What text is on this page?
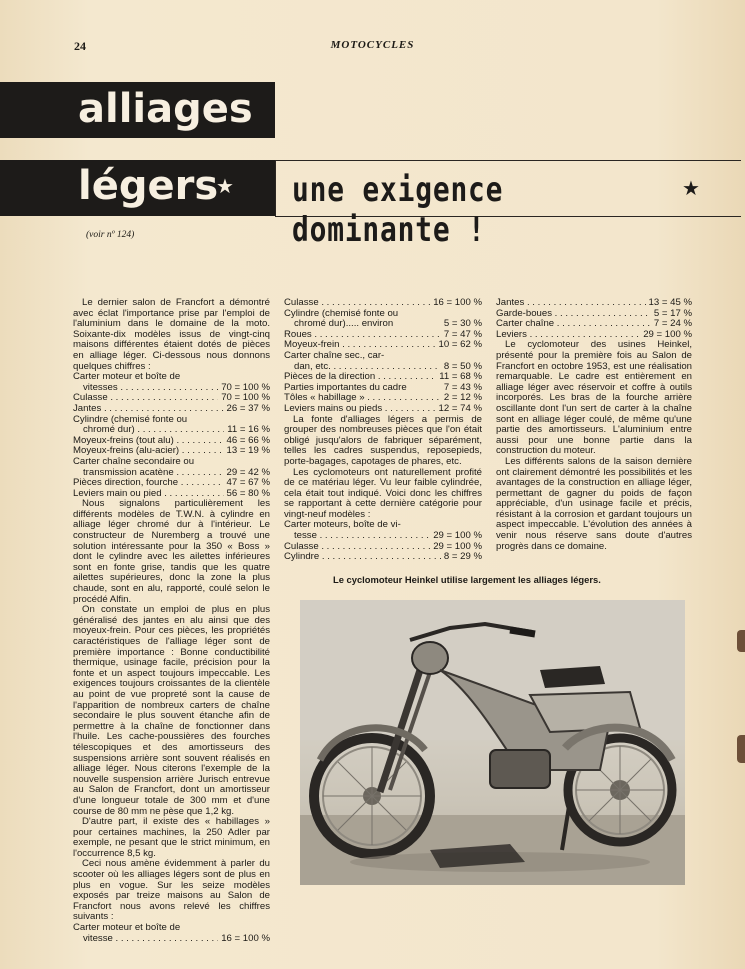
24	MOTOCYCLES
alliages
légers
★ une exigence dominante !
★
(voir nº 124)

Le dernier salon de Francfort a démontré avec éclat l'importance prise par l'emploi de l'aluminium dans le domaine de la moto. Soixante-dix modèles issus de vingt-cinq maisons différentes étaient dotés de pièces en alliage léger. Ci-dessous nous donnons quelques chiffres :

Carter moteur et boîte de
vitesses . . .	70 = 100 %
Culasse . . .	70 = 100 %
Jantes . . .	26 = 37 %
Cylindre (chemisé fonte ou
chromé dur) . . .	11 = 16 %
Moyeux-freins (tout alu) . . .	46 = 66 %
Moyeux-freins (alu-acier) . . .	13 = 19 %
Carter chaîne secondaire ou
transmission acatène . . .	29 = 42 %
Pièces direction, fourche . . .	47 = 67 %
Leviers main ou pied . . .	56 = 80 %

Nous signalons particulièrement les différents modèles de T.W.N. à cylindre en alliage léger chromé dur à l'intérieur. Le constructeur de Nuremberg a trouvé une solution intéressante pour la 350 « Boss » dont le cylindre avec les ailettes inférieures sont en fonte grise, tandis que les quatre ailettes supérieures, donc la zone la plus chaude, sont en alu, rapporté, coulé selon le procédé Alfin.

On constate un emploi de plus en plus généralisé des jantes en alu ainsi que des moyeux-frein. Pour ces pièces, les propriétés caractéristiques de l'alliage léger sont de première importance : Bonne conductibilité thermique, usinage facile, précision pour la fonte et un aspect toujours impeccable. Les exigences toujours croissantes de la clientèle au point de vue propreté sont la cause de l'apparition de nombreux carters de chaîne secondaire le plus souvent étanche afin de permettre à la chaîne de fonctionner dans l'huile. Les cache-poussières des fourches télescopiques et des amortisseurs des suspensions arrière sont souvent réalisés en alliage léger. Nous citerons l'exemple de la nouvelle suspension arrière Jurisch entrevue au Salon de Francfort, dont un amortisseur d'une longueur totale de 300 mm et d'une course de 80 mm ne pèse que 1,2 kg.

D'autre part, il existe des « habillages » pour certaines machines, la 250 Adler par exemple, ne pesant que le strict minimum, en l'occurrence 8,5 kg.

Ceci nous amène évidemment à parler du scooter où les alliages légers sont de plus en plus en vogue. Sur les seize modèles exposés par treize maisons au Salon de Francfort nous avons relevé les chiffres suivants :

Carter moteur et boîte de
vitesse . . .	16 = 100 %
Culasse . . .	16 = 100 %
Cylindre (chemisé fonte ou
chromé dur)..... environ	5 = 30 %
Roues . . .	7 = 47 %
Moyeux-frein . . .	10 = 62 %
Carter chaîne sec., car-
dan, etc. . . .	8 = 50 %
Pièces de la direction . . .	11 = 68 %
Parties importantes du cadre	7 = 43 %
Tôles « habillage » . . .	2 = 12 %
Leviers mains ou pieds . . .	12 = 74 %

La fonte d'alliages légers a permis de grouper des nombreuses pièces que l'on était obligé jusqu'alors de fabriquer séparément, telles les cadres suspendus, reposepieds, porte-bagages, capotages de phares, etc.

Les cyclomoteurs ont naturellement profité de ce matériau léger. Vu leur faible cylindrée, cela était tout indiqué. Voici donc les chiffres se rapportant à cette dernière catégorie pour vingt-neuf modèles :

Carter moteurs, boîte de vi-
tesse . . .	29 = 100 %
Culasse . . .	29 = 100 %
Cylindre . . .	8 = 29 %
Jantes . . .	13 = 45 %
Garde-boues . . .	5 = 17 %
Carter chaîne . . .	7 = 24 %
Leviers . . .	29 = 100 %

Le cyclomoteur des usines Heinkel, présenté pour la première fois au Salon de Francfort en octobre 1953, est une réalisation remarquable. Le cadre est entièrement en alliage léger avec réservoir et coffre à outils incorporés. Les bras de la fourche arrière oscillante dont l'un sert de carter à la chaîne sont en alliage léger coulé, de même qu'une partie des amortisseurs. L'aluminium entre aussi pour une bonne partie dans la construction du moteur.

Les différents salons de la saison dernière ont clairement démontré les possibilités et les avantages de la construction en alliage léger, permettant de gagner du poids de façon appréciable, d'un usinage facile et précis, résistant à la corrosion et gardant toujours un aspect impeccable. L'évolution des années à venir nous réserve sans doute d'autres progrès dans ce domaine.

Le cyclomoteur Heinkel utilise largement les alliages légers.
